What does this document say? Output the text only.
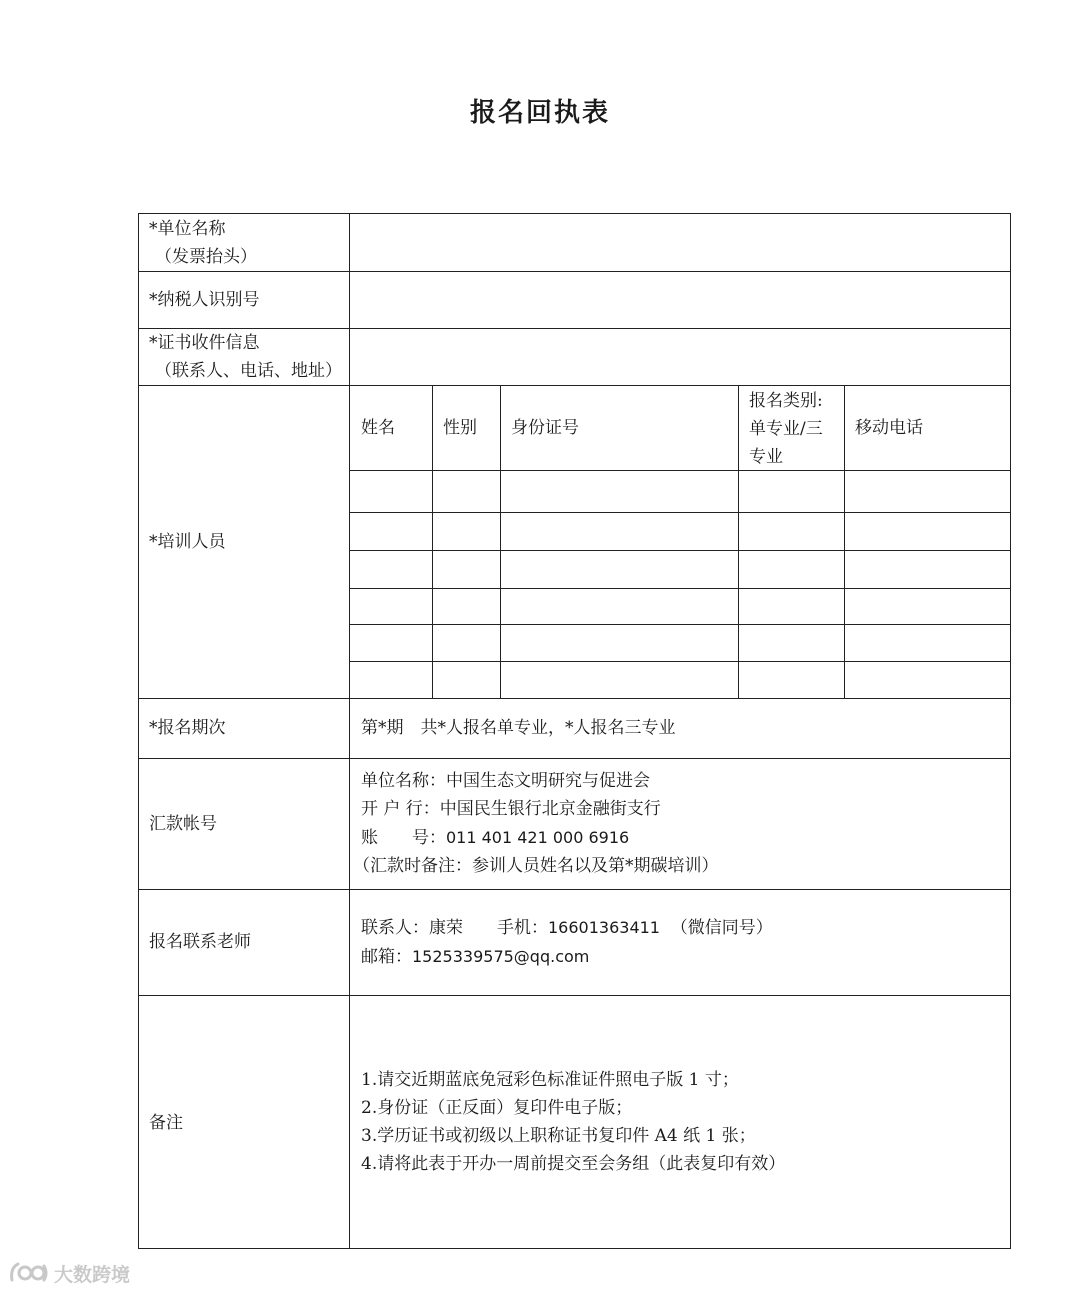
报名回执表
*单位名称
（发票抬头）
*纳税人识别号
*证书收件信息
（联系人、电话、地址）
*培训人员
姓名	性别 身份证号
报名类别:
单专业/三
专业
移动电话
*报名期次	第*期　共*人报名单专业，*人报名三专业
汇款帐号
单位名称：中国生态文明研究与促进会
开 户 行：中国民生银行北京金融街支行
账　　号：011 401 421 000 6916
（汇款时备注：参训人员姓名以及第*期碳培训）
报名联系老师
联系人：康荣　　手机：16601363411 （微信同号）
邮箱：1525339575@qq.com
备注
1.请交近期蓝底免冠彩色标准证件照电子版 1 寸；
2.身份证（正反面）复印件电子版；
3.学历证书或初级以上职称证书复印件 A4 纸 1 张；
4.请将此表于开办一周前提交至会务组（此表复印有效）
大数跨境
